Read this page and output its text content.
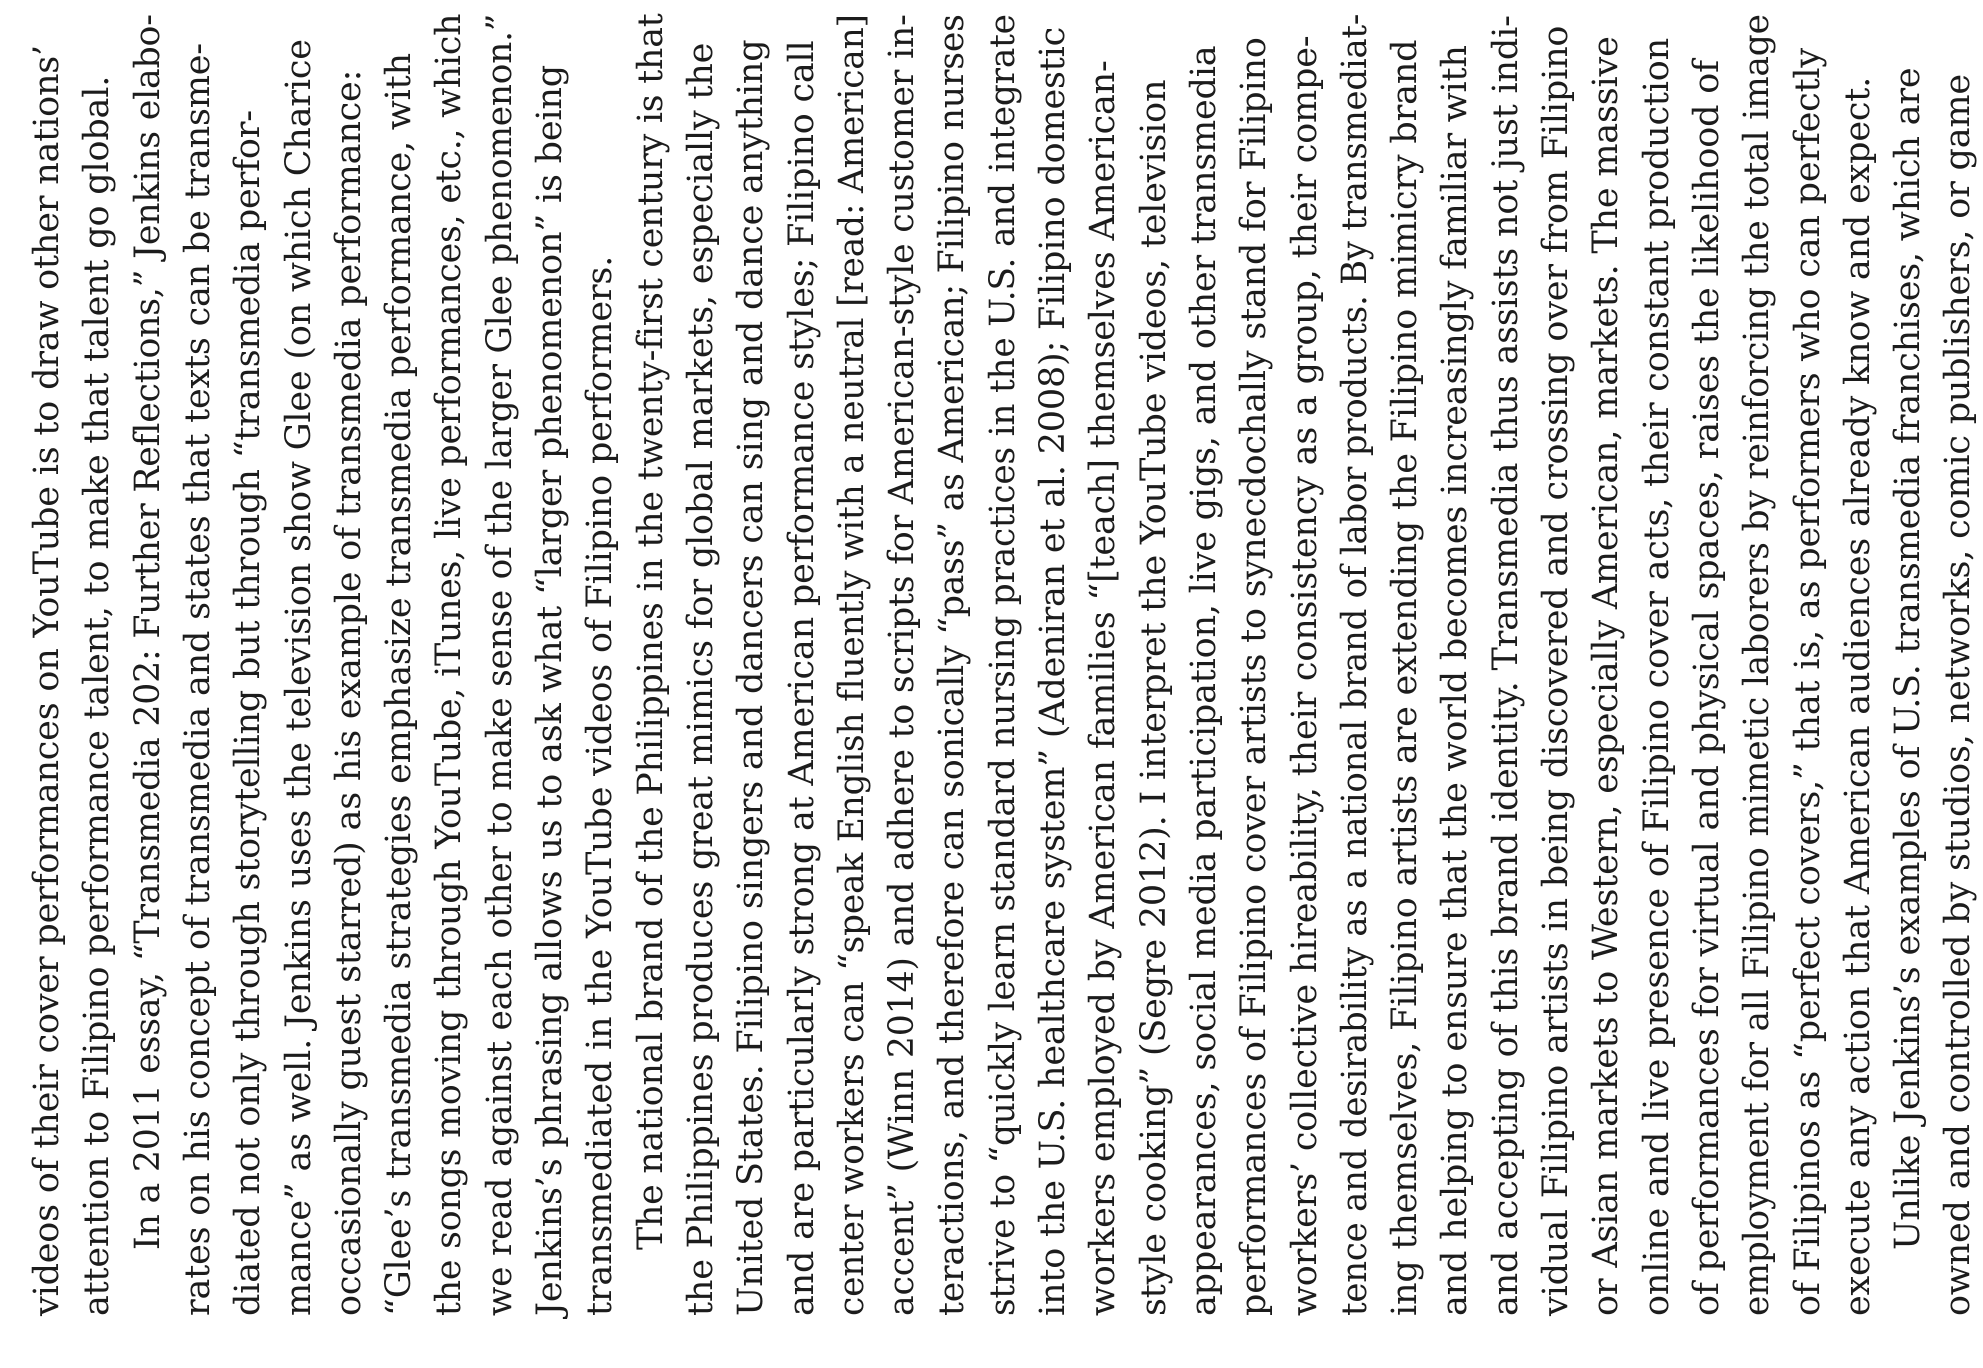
videos of their cover performances on YouTube is to draw other nations’ attention to Filipino performance talent, to make that talent go global. In a 2011 essay, “Transmedia 202: Further Reflections,” Jenkins elabo- rates on his concept of transmedia and states that texts can be transme- diated not only through storytelling but through “transmedia perfor- mance” as well. Jenkins uses the television show Glee (on which Charice occasionally guest starred) as his example of transmedia performance: “Glee’s transmedia strategies emphasize transmedia performance, with the songs moving through YouTube, iTunes, live performances, etc., which we read against each other to make sense of the larger Glee phenomenon.” Jenkins’s phrasing allows us to ask what “larger phenomenon” is being transmediated in the YouTube videos of Filipino performers. The national brand of the Philippines in the twenty-first century is that the Philippines produces great mimics for global markets, especially the United States. Filipino singers and dancers can sing and dance anything and are particularly strong at American performance styles; Filipino call center workers can “speak English fluently with a neutral [read: American] accent” (Winn 2014) and adhere to scripts for American-style customer in- teractions, and therefore can sonically “pass” as American; Filipino nurses strive to “quickly learn standard nursing practices in the U.S. and integrate into the U.S. healthcare system” (Adeniran et al. 2008); Filipino domestic workers employed by American families “[teach] themselves American- style cooking” (Segre 2012). I interpret the YouTube videos, television appearances, social media participation, live gigs, and other transmedia performances of Filipino cover artists to synecdochally stand for Filipino workers’ collective hireability, their consistency as a group, their compe- tence and desirability as a national brand of labor products. By transmediat- ing themselves, Filipino artists are extending the Filipino mimicry brand and helping to ensure that the world becomes increasingly familiar with and accepting of this brand identity. Transmedia thus assists not just indi- vidual Filipino artists in being discovered and crossing over from Filipino or Asian markets to Western, especially American, markets. The massive online and live presence of Filipino cover acts, their constant production of performances for virtual and physical spaces, raises the likelihood of employment for all Filipino mimetic laborers by reinforcing the total image of Filipinos as “perfect covers,” that is, as performers who can perfectly execute any action that American audiences already know and expect. Unlike Jenkins’s examples of U.S. transmedia franchises, which are owned and controlled by studios, networks, comic publishers, or game
